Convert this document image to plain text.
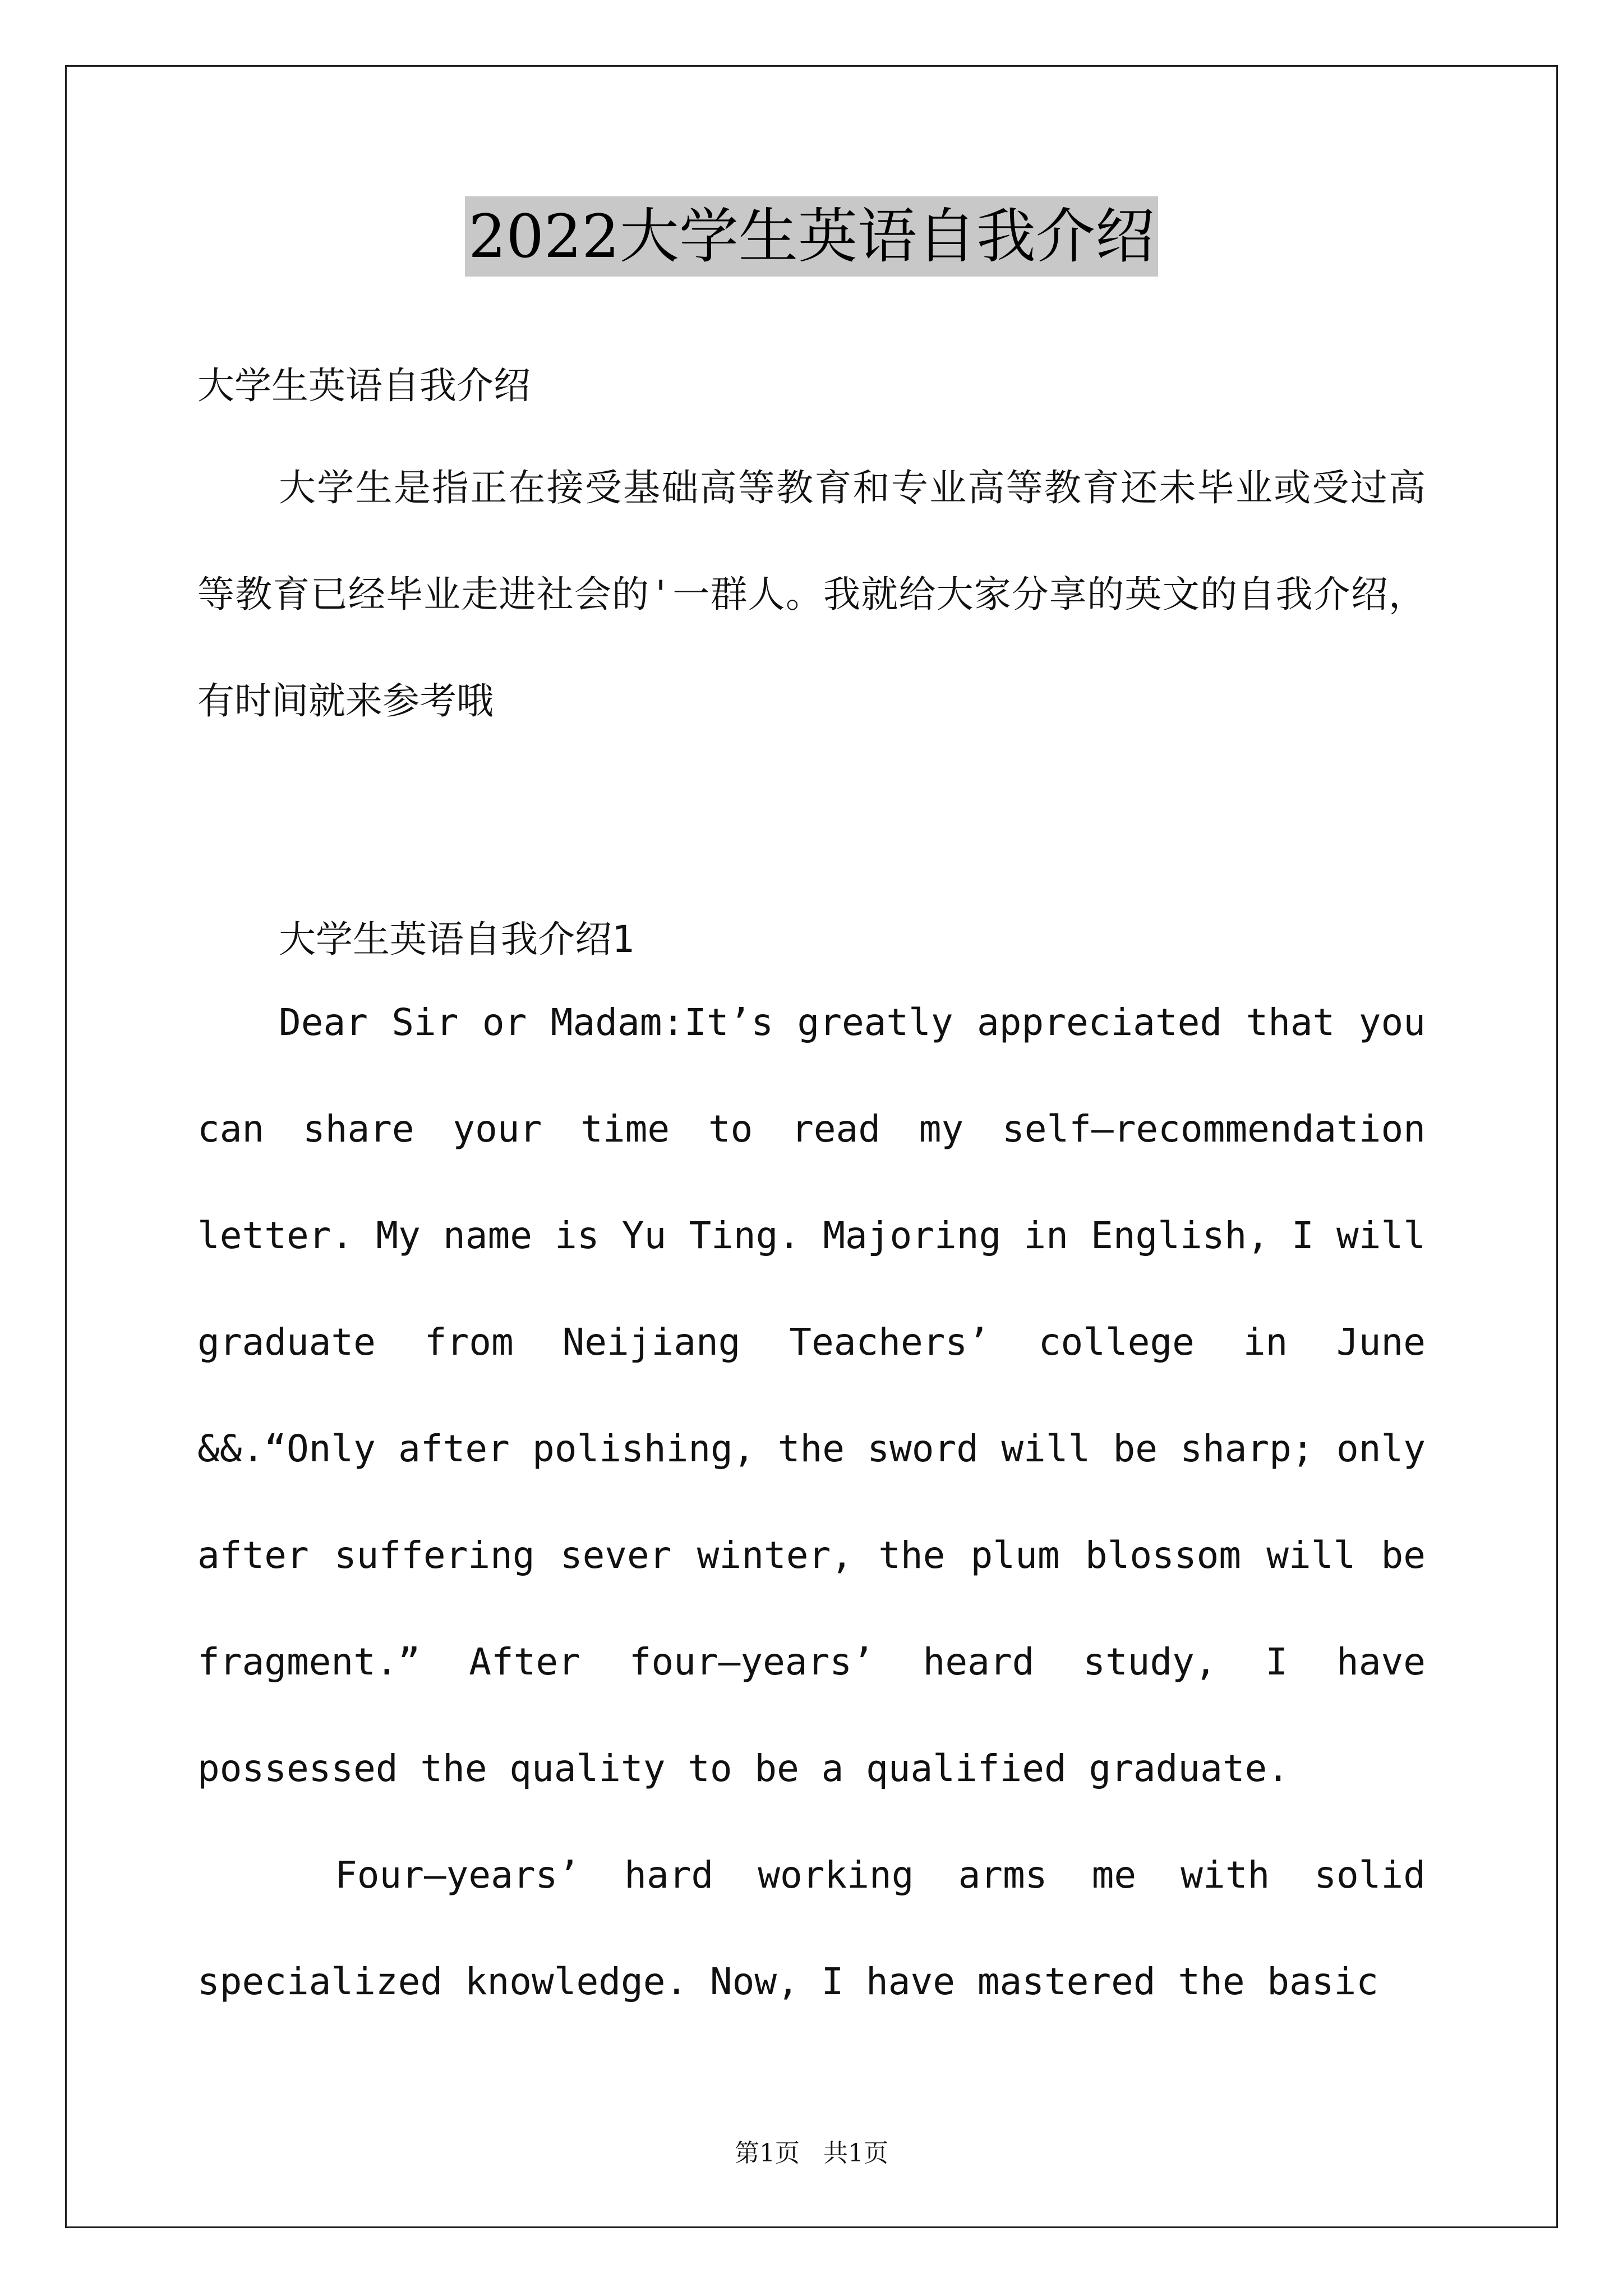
2022大学生英语自我介绍
大学生英语自我介绍
大学生是指正在接受基础高等教育和专业高等教育还未毕业或受过高等教育已经毕业走进社会的'一群人。我就给大家分享的英文的自我介绍，有时间就来参考哦
大学生英语自我介绍1
Dear Sir or Madam:It’s greatly appreciated that you can share your time to read my self—recommendation letter. My name is Yu Ting. Majoring in English, I will graduate from Neijiang Teachers’ college in June &&.“Only after polishing, the sword will be sharp; only after suffering sever winter, the plum blossom will be fragment.” After four—years’ heard study, I have possessed the quality to be a qualified graduate.
Four—years’ hard working arms me with solid specialized knowledge. Now, I have mastered the basic
第1页   共1页
